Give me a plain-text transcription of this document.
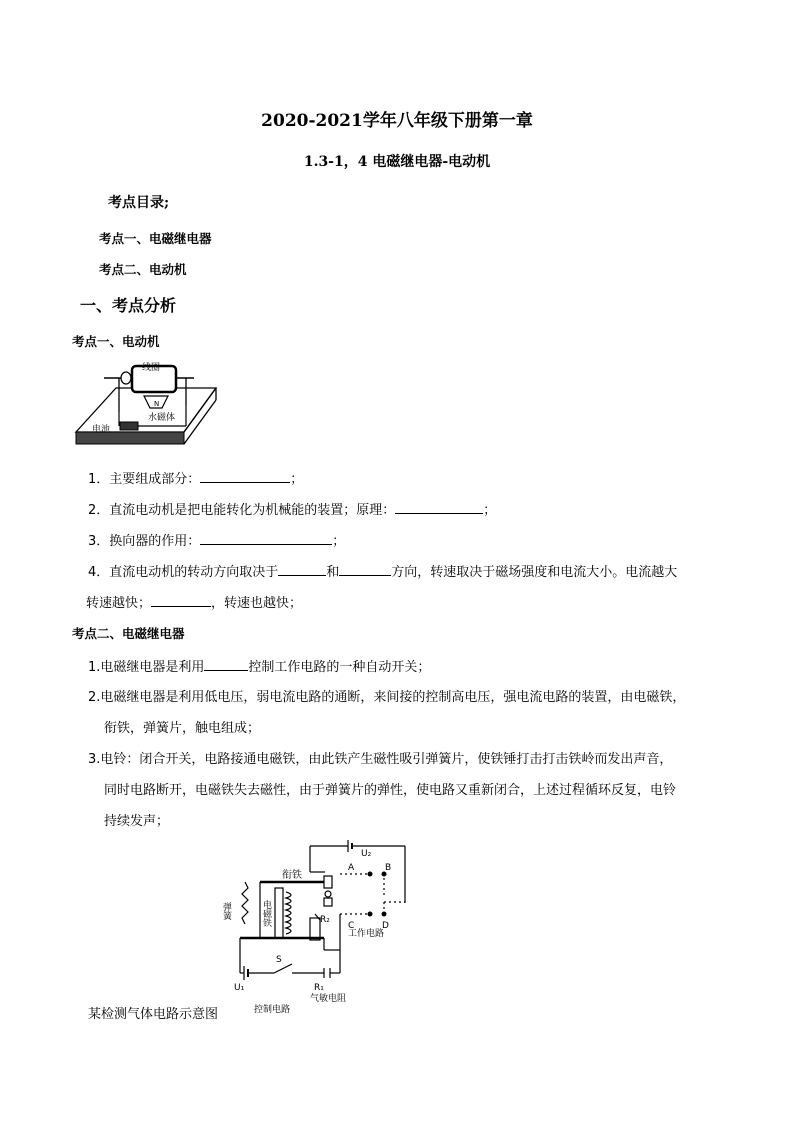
2020-2021学年八年级下册第一章
1.3-1，4 电磁继电器-电动机
考点目录;
考点一、电磁继电器
考点二、电动机
一、考点分析
考点一、电动机
线圈
N
水磁体
电池
1．主要组成部分：	；
2．直流电动机是把电能转化为机械能的装置；原理：	；
3．换向器的作用：	；
4．直流电动机的转动方向取决于	和	方向，转速取决于磁场强度和电流大小。电流越大
转速越快；	，转速也越快；
考点二、电磁继电器
1.电磁继电器是利用	控制工作电路的一种自动开关；
2.电磁继电器是利用低电压，弱电流电路的通断，来间接的控制高电压，强电流电路的装置，由电磁铁，
衔铁，弹簧片，触电组成；
3.电铃：闭合开关，电路接通电磁铁，由此铁产生磁性吸引弹簧片，使铁锤打击打击铁岭而发出声音，
同时电路断开，电磁铁失去磁性，由于弹簧片的弹性，使电路又重新闭合，上述过程循环反复，电铃
持续发声；
U₂
A	B
C	D
衔铁
弹簧	电磁铁	R₂
工作电路
S
U₁	R₁
控制电路
气敏电阻
某检测气体电路示意图
